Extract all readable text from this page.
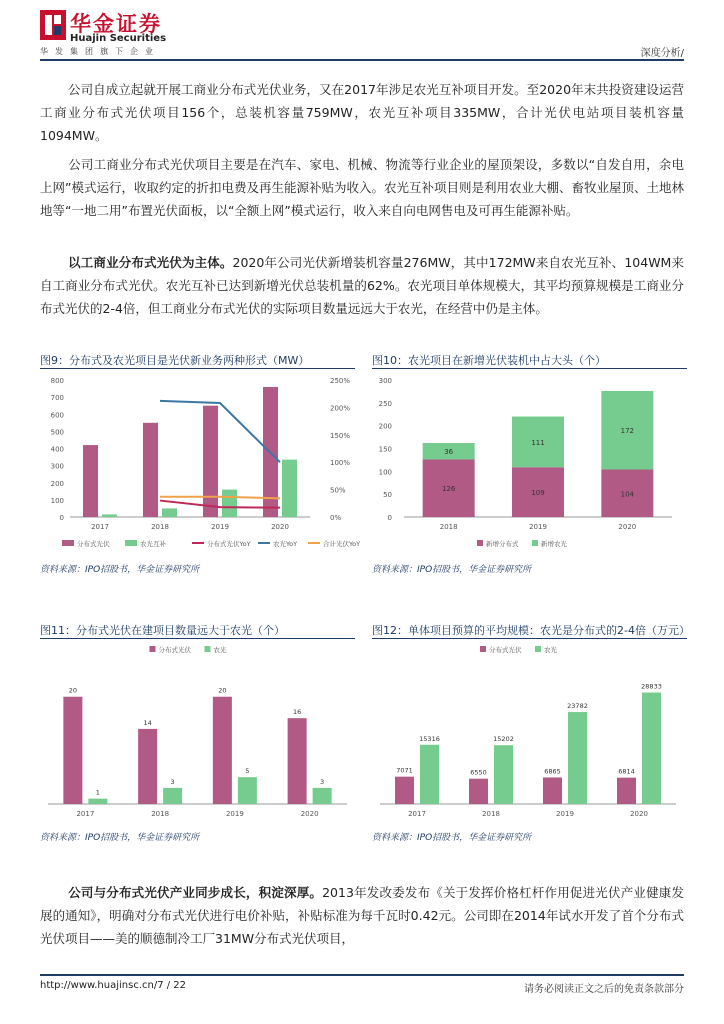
华金证券
Huajin Securities
华发集团旗下企业	深度分析/
公司自成立起就开展工商业分布式光伏业务，又在2017年涉足农光互补项目开发。至2020年末共投资建设运营工商业分布式光伏项目156个，总装机容量759MW，农光互补项目335MW，合计光伏电站项目装机容量1094MW。
公司工商业分布式光伏项目主要是在汽车、家电、机械、物流等行业企业的屋顶架设，多数以“自发自用，余电上网”模式运行，收取约定的折扣电费及再生能源补贴为收入。农光互补项目则是利用农业大棚、畜牧业屋顶、土地林地等“一地二用”布置光伏面板，以“全额上网”模式运行，收入来自向电网售电及可再生能源补贴。
以工商业分布式光伏为主体。2020年公司光伏新增装机容量276MW，其中172MW来自农光互补、104WM来自工商业分布式光伏。农光互补已达到新增光伏总装机量的62%。农光项目单体规模大，其平均预算规模是工商业分布式光伏的2-4倍，但工商业分布式光伏的实际项目数量远远大于农光，在经营中仍是主体。
图9：分布式及农光项目是光伏新业务两种形式（MW）
800
700
600
500
400
300
200
100
0
250%
200%
150%
100%
50%
0%
2017	2018	2019	2020
分布式光伏	农光互补	分布式光伏YoY	农光YoY	合计光伏YoY
资料来源：IPO招股书，华金证券研究所
图10：农光项目在新增光伏装机中占大头（个）
300
250
200
150
100
50
0
2018
126
36
2019
109
111
2020
104
172
新增分布式	新增农光
资料来源：IPO招股书，华金证券研究所
图11：分布式光伏在建项目数量远大于农光（个）
分布式光伏	农光
2017
20
1
2018
14
3
2019
20
5
2020
16
3
资料来源：IPO招股书，华金证券研究所
图12：单体项目预算的平均规模：农光是分布式的2-4倍（万元）
分布式光伏	农光
2017
7071
15316
2018
6550
15202
2019
6865
23782
2020
6814
28833
资料来源：IPO招股书，华金证券研究所
公司与分布式光伏产业同步成长，积淀深厚。2013年发改委发布《关于发挥价格杠杆作用促进光伏产业健康发展的通知》，明确对分布式光伏进行电价补贴，补贴标准为每千瓦时0.42元。公司即在2014年试水开发了首个分布式光伏项目——美的顺德制冷工厂31MW分布式光伏项目，
http://www.huajinsc.cn/7 / 22	请务必阅读正文之后的免责条款部分
